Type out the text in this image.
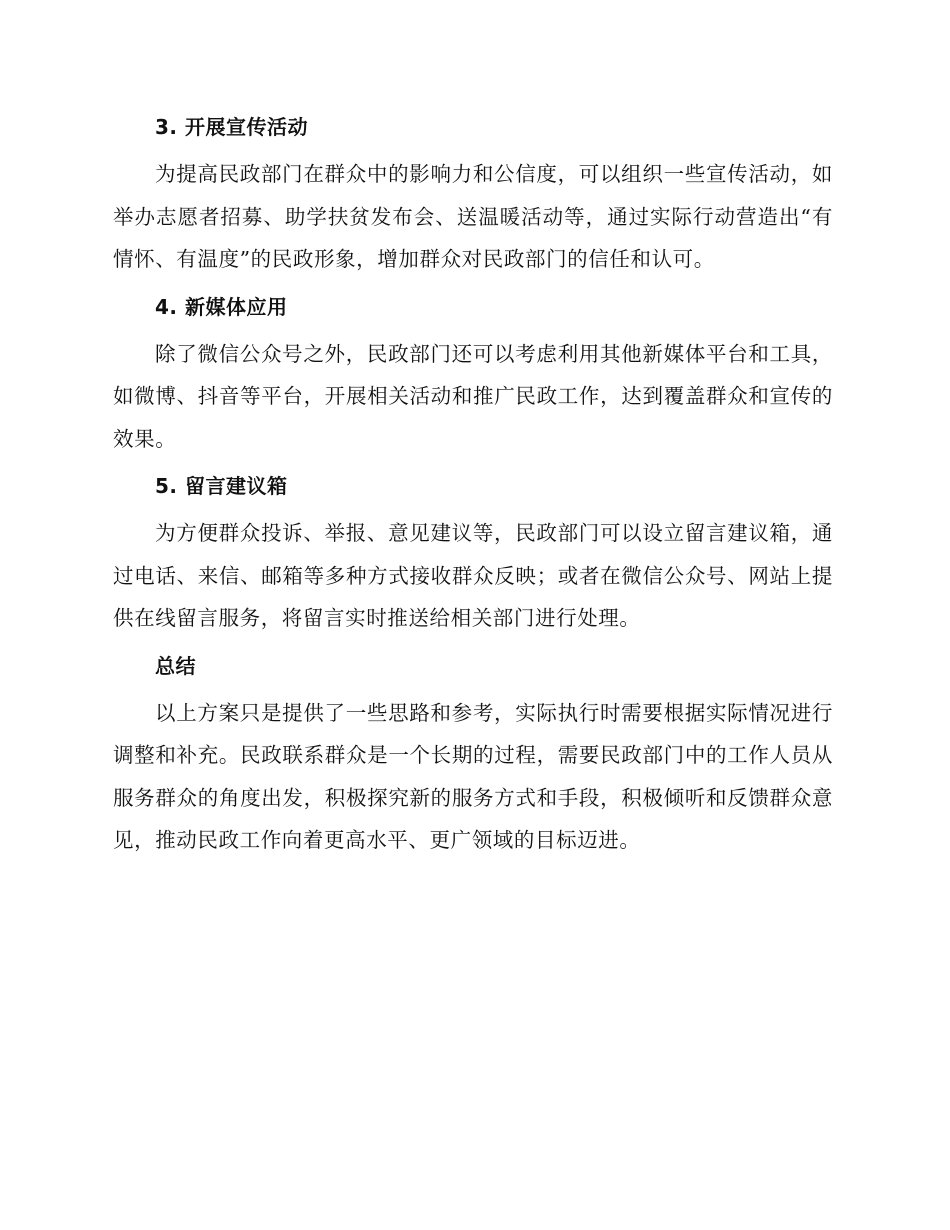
3. 开展宣传活动

为提高民政部门在群众中的影响力和公信度，可以组织一些宣传活动，如举办志愿者招募、助学扶贫发布会、送温暖活动等，通过实际行动营造出“有情怀、有温度”的民政形象，增加群众对民政部门的信任和认可。

4. 新媒体应用

除了微信公众号之外，民政部门还可以考虑利用其他新媒体平台和工具，如微博、抖音等平台，开展相关活动和推广民政工作，达到覆盖群众和宣传的效果。

5. 留言建议箱

为方便群众投诉、举报、意见建议等，民政部门可以设立留言建议箱，通过电话、来信、邮箱等多种方式接收群众反映；或者在微信公众号、网站上提供在线留言服务，将留言实时推送给相关部门进行处理。

总结

以上方案只是提供了一些思路和参考，实际执行时需要根据实际情况进行调整和补充。民政联系群众是一个长期的过程，需要民政部门中的工作人员从服务群众的角度出发，积极探究新的服务方式和手段，积极倾听和反馈群众意见，推动民政工作向着更高水平、更广领域的目标迈进。
